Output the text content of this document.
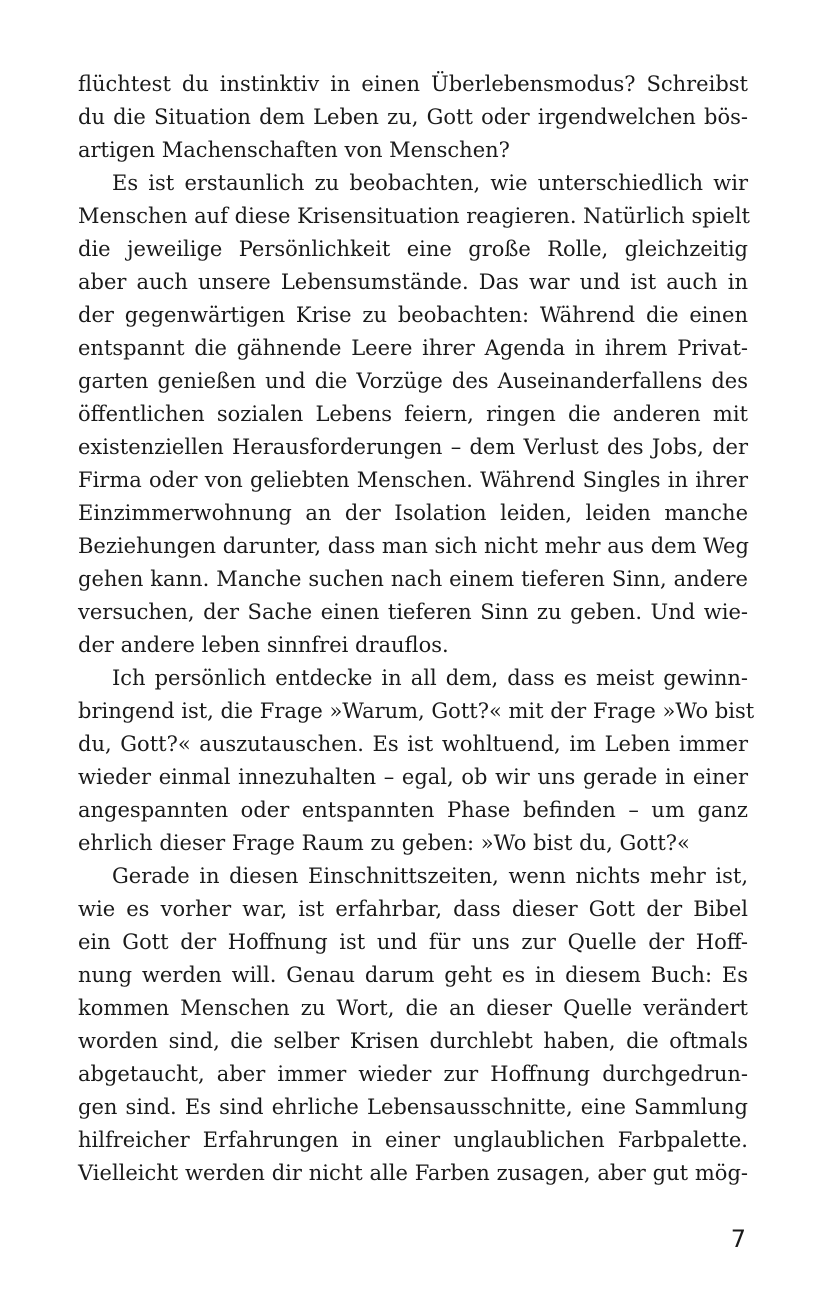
flüchtest du instinktiv in einen Überlebensmodus? Schreibst
du die Situation dem Leben zu, Gott oder irgendwelchen bös-
artigen Machenschaften von Menschen?
Es ist erstaunlich zu beobachten, wie unterschiedlich wir
Menschen auf diese Krisensituation reagieren. Natürlich spielt
die jeweilige Persönlichkeit eine große Rolle, gleichzeitig
aber auch unsere Lebensumstände. Das war und ist auch in
der gegenwärtigen Krise zu beobachten: Während die einen
entspannt die gähnende Leere ihrer Agenda in ihrem Privat-
garten genießen und die Vorzüge des Auseinanderfallens des
öffentlichen sozialen Lebens feiern, ringen die anderen mit
existenziellen Herausforderungen – dem Verlust des Jobs, der
Firma oder von geliebten Menschen. Während Singles in ihrer
Einzimmerwohnung an der Isolation leiden, leiden manche
Beziehungen darunter, dass man sich nicht mehr aus dem Weg
gehen kann. Manche suchen nach einem tieferen Sinn, andere
versuchen, der Sache einen tieferen Sinn zu geben. Und wie-
der andere leben sinnfrei drauflos.
Ich persönlich entdecke in all dem, dass es meist gewinn-
bringend ist, die Frage »Warum, Gott?« mit der Frage »Wo bist
du, Gott?« auszutauschen. Es ist wohltuend, im Leben immer
wieder einmal innezuhalten – egal, ob wir uns gerade in einer
angespannten oder entspannten Phase befinden – um ganz
ehrlich dieser Frage Raum zu geben: »Wo bist du, Gott?«
Gerade in diesen Einschnittszeiten, wenn nichts mehr ist,
wie es vorher war, ist erfahrbar, dass dieser Gott der Bibel
ein Gott der Hoffnung ist und für uns zur Quelle der Hoff-
nung werden will. Genau darum geht es in diesem Buch: Es
kommen Menschen zu Wort, die an dieser Quelle verändert
worden sind, die selber Krisen durchlebt haben, die oftmals
abgetaucht, aber immer wieder zur Hoffnung durchgedrun-
gen sind. Es sind ehrliche Lebensausschnitte, eine Sammlung
hilfreicher Erfahrungen in einer unglaublichen Farbpalette.
Vielleicht werden dir nicht alle Farben zusagen, aber gut mög-
7
